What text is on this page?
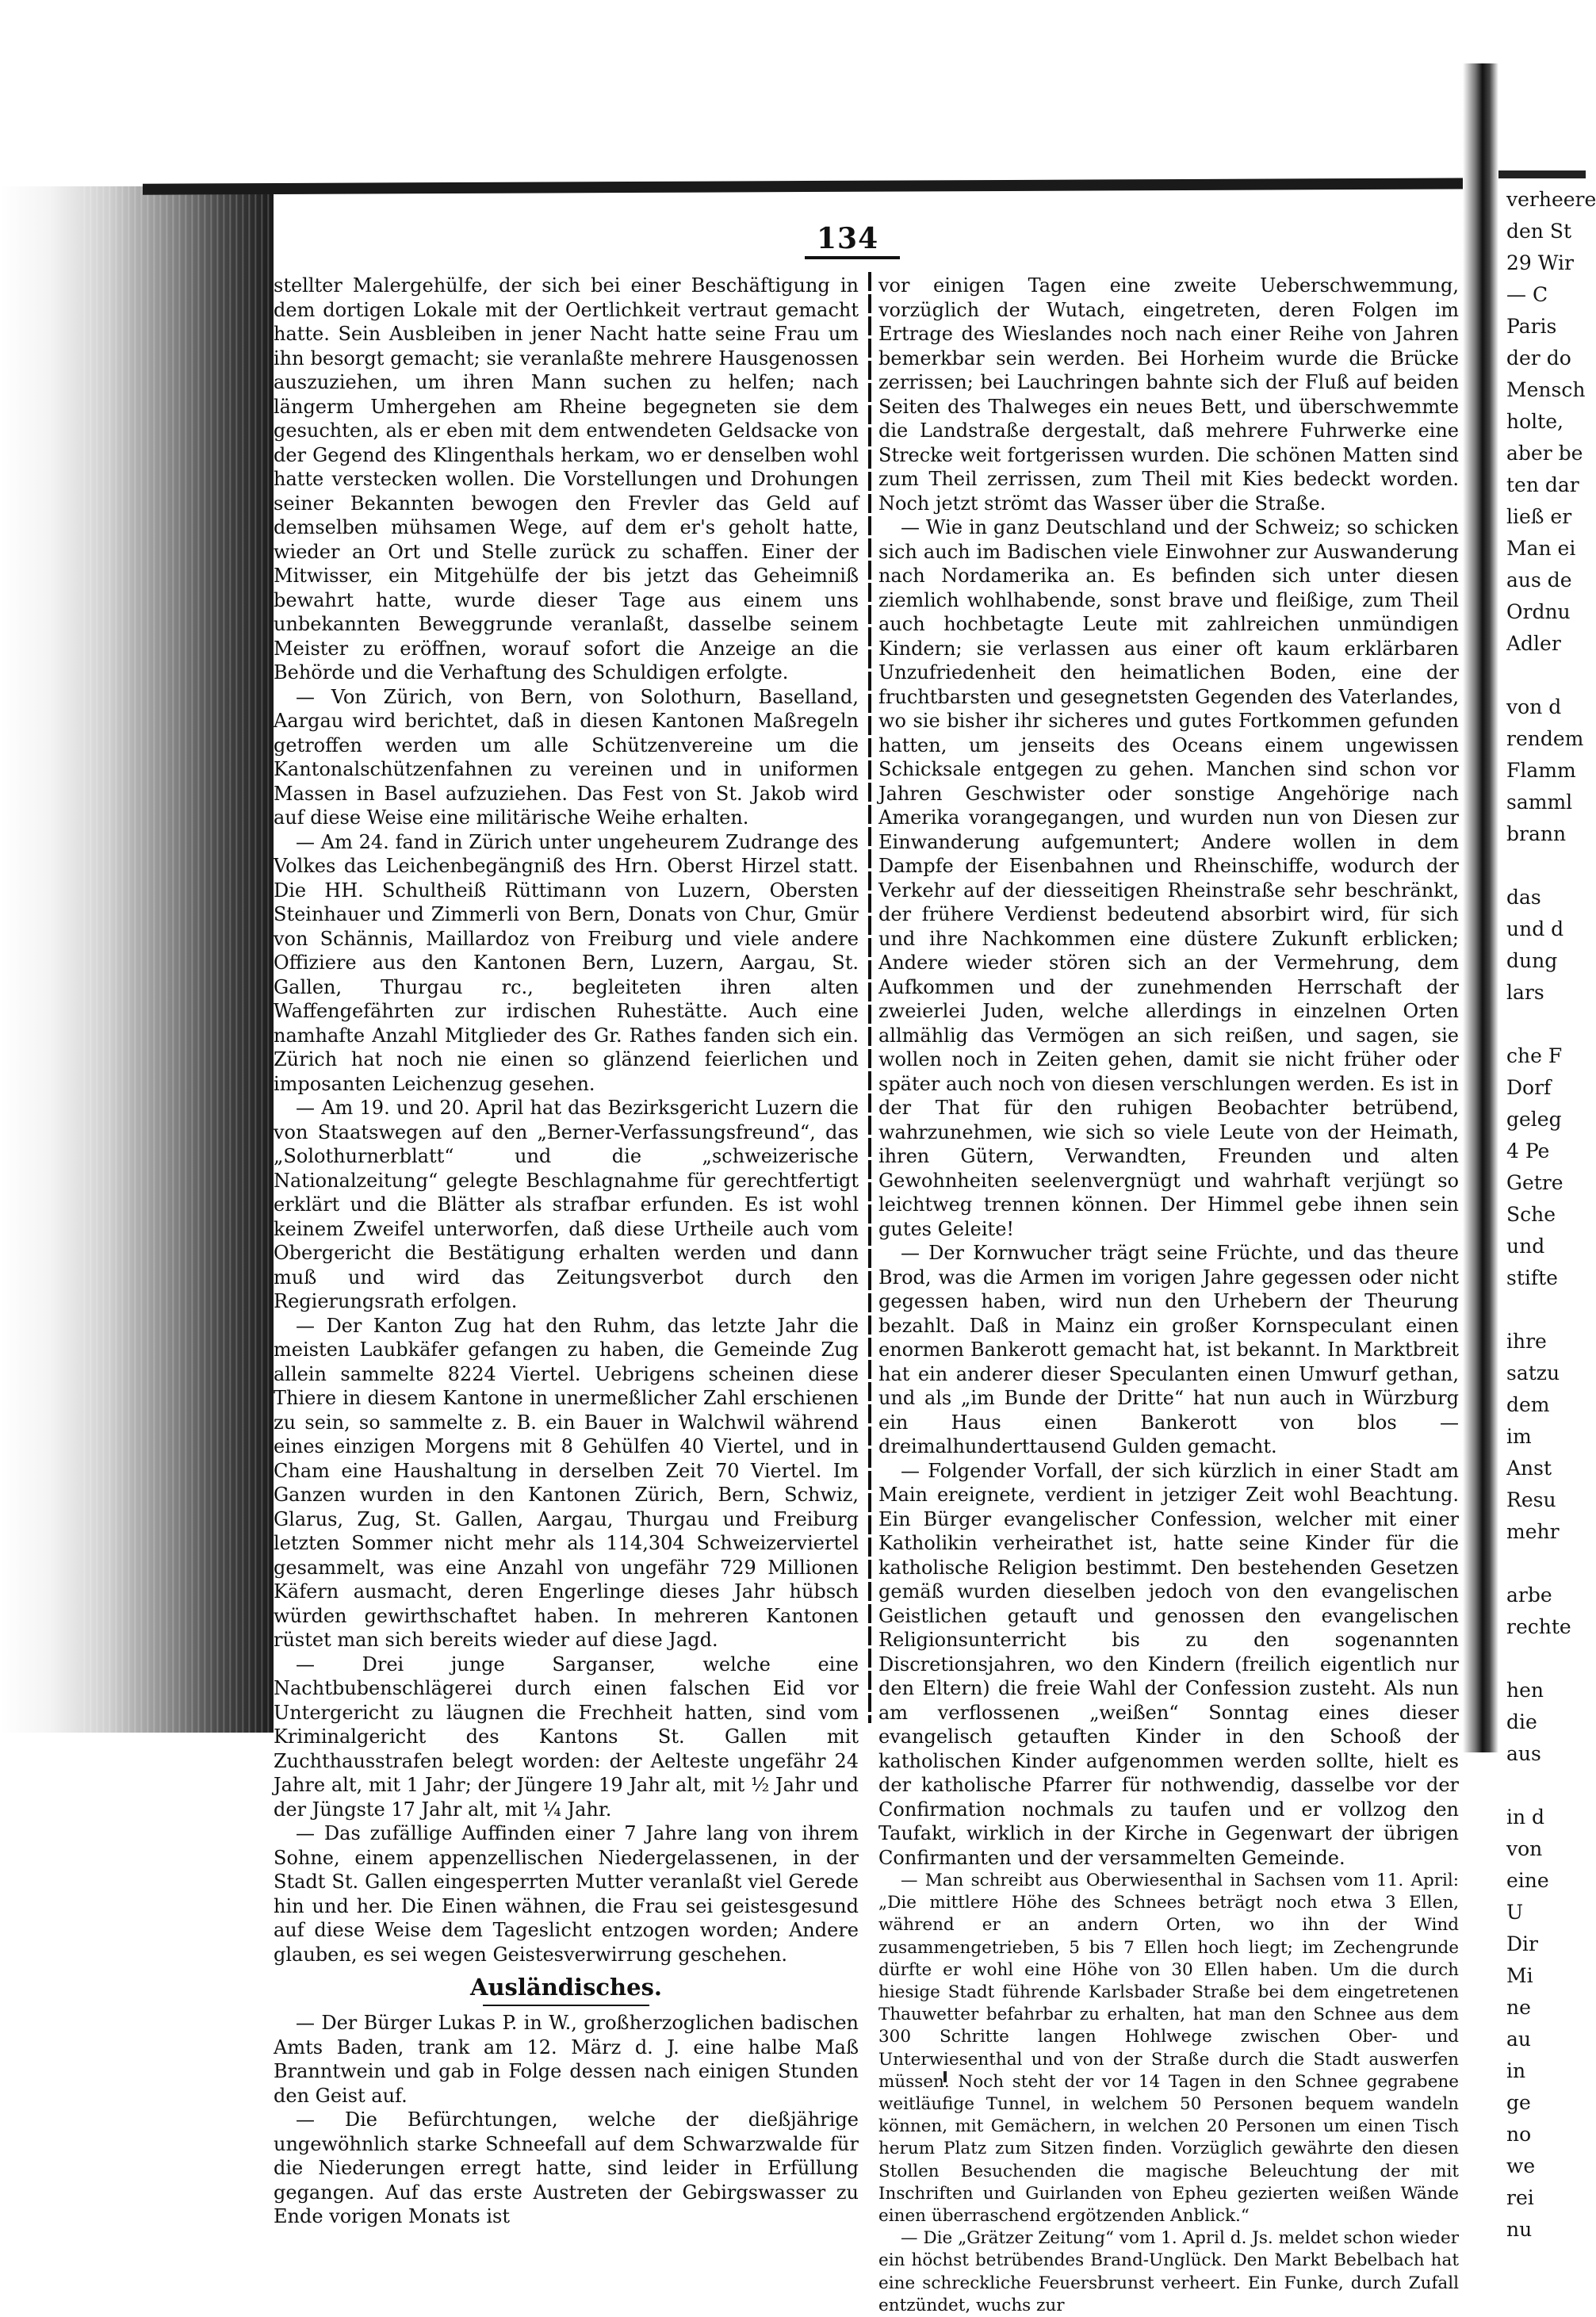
134

stellter Malergehülfe, der sich bei einer Beschäftigung in dem dortigen Lokale mit der Oertlichkeit vertraut gemacht hatte. Sein Ausbleiben in jener Nacht hatte seine Frau um ihn besorgt gemacht; sie veranlaßte mehrere Hausgenossen auszuziehen, um ihren Mann suchen zu helfen; nach längerm Umhergehen am Rheine begegneten sie dem gesuchten, als er eben mit dem entwendeten Geldsacke von der Gegend des Klingenthals herkam, wo er denselben wohl hatte verstecken wollen. Die Vorstellungen und Drohungen seiner Bekannten bewogen den Frevler das Geld auf demselben mühsamen Wege, auf dem er's geholt hatte, wieder an Ort und Stelle zurück zu schaffen. Einer der Mitwisser, ein Mitgehülfe der bis jetzt das Geheimniß bewahrt hatte, wurde dieser Tage aus einem uns unbekannten Beweggrunde veranlaßt, dasselbe seinem Meister zu eröffnen, worauf sofort die Anzeige an die Behörde und die Verhaftung des Schuldigen erfolgte.

— Von Zürich, von Bern, von Solothurn, Baselland, Aargau wird berichtet, daß in diesen Kantonen Maßregeln getroffen werden um alle Schützenvereine um die Kantonalschützenfahnen zu vereinen und in uniformen Massen in Basel aufzuziehen. Das Fest von St. Jakob wird auf diese Weise eine militärische Weihe erhalten.

— Am 24. fand in Zürich unter ungeheurem Zudrange des Volkes das Leichenbegängniß des Hrn. Oberst Hirzel statt. Die HH. Schultheiß Rüttimann von Luzern, Obersten Steinhauer und Zimmerli von Bern, Donats von Chur, Gmür von Schännis, Maillardoz von Freiburg und viele andere Offiziere aus den Kantonen Bern, Luzern, Aargau, St. Gallen, Thurgau rc., begleiteten ihren alten Waffengefährten zur irdischen Ruhestätte. Auch eine namhafte Anzahl Mitglieder des Gr. Rathes fanden sich ein. Zürich hat noch nie einen so glänzend feierlichen und imposanten Leichenzug gesehen.

— Am 19. und 20. April hat das Bezirksgericht Luzern die von Staatswegen auf den „Berner-Verfassungsfreund“, das „Solothurnerblatt“ und die „schweizerische Nationalzeitung“ gelegte Beschlagnahme für gerechtfertigt erklärt und die Blätter als strafbar erfunden. Es ist wohl keinem Zweifel unterworfen, daß diese Urtheile auch vom Obergericht die Bestätigung erhalten werden und dann muß und wird das Zeitungsverbot durch den Regierungsrath erfolgen.

— Der Kanton Zug hat den Ruhm, das letzte Jahr die meisten Laubkäfer gefangen zu haben, die Gemeinde Zug allein sammelte 8224 Viertel. Uebrigens scheinen diese Thiere in diesem Kantone in unermeßlicher Zahl erschienen zu sein, so sammelte z. B. ein Bauer in Walchwil während eines einzigen Morgens mit 8 Gehülfen 40 Viertel, und in Cham eine Haushaltung in derselben Zeit 70 Viertel. Im Ganzen wurden in den Kantonen Zürich, Bern, Schwiz, Glarus, Zug, St. Gallen, Aargau, Thurgau und Freiburg letzten Sommer nicht mehr als 114,304 Schweizerviertel gesammelt, was eine Anzahl von ungefähr 729 Millionen Käfern ausmacht, deren Engerlinge dieses Jahr hübsch würden gewirthschaftet haben. In mehreren Kantonen rüstet man sich bereits wieder auf diese Jagd.

— Drei junge Sarganser, welche eine Nachtbubenschlägerei durch einen falschen Eid vor Untergericht zu läugnen die Frechheit hatten, sind vom Kriminalgericht des Kantons St. Gallen mit Zuchthausstrafen belegt worden: der Aelteste ungefähr 24 Jahre alt, mit 1 Jahr; der Jüngere 19 Jahr alt, mit ½ Jahr und der Jüngste 17 Jahr alt, mit ¼ Jahr.

— Das zufällige Auffinden einer 7 Jahre lang von ihrem Sohne, einem appenzellischen Niedergelassenen, in der Stadt St. Gallen eingesperrten Mutter veranlaßt viel Gerede hin und her. Die Einen wähnen, die Frau sei geistesgesund auf diese Weise dem Tageslicht entzogen worden; Andere glauben, es sei wegen Geistesverwirrung geschehen.

Ausländisches.

— Der Bürger Lukas P. in W., großherzoglichen badischen Amts Baden, trank am 12. März d. J. eine halbe Maß Branntwein und gab in Folge dessen nach einigen Stunden den Geist auf.

— Die Befürchtungen, welche der dießjährige ungewöhnlich starke Schneefall auf dem Schwarzwalde für die Niederungen erregt hatte, sind leider in Erfüllung gegangen. Auf das erste Austreten der Gebirgswasser zu Ende vorigen Monats ist

vor einigen Tagen eine zweite Ueberschwemmung, vorzüglich der Wutach, eingetreten, deren Folgen im Ertrage des Wieslandes noch nach einer Reihe von Jahren bemerkbar sein werden. Bei Horheim wurde die Brücke zerrissen; bei Lauchringen bahnte sich der Fluß auf beiden Seiten des Thalweges ein neues Bett, und überschwemmte die Landstraße dergestalt, daß mehrere Fuhrwerke eine Strecke weit fortgerissen wurden. Die schönen Matten sind zum Theil zerrissen, zum Theil mit Kies bedeckt worden. Noch jetzt strömt das Wasser über die Straße.

— Wie in ganz Deutschland und der Schweiz; so schicken sich auch im Badischen viele Einwohner zur Auswanderung nach Nordamerika an. Es befinden sich unter diesen ziemlich wohlhabende, sonst brave und fleißige, zum Theil auch hochbetagte Leute mit zahlreichen unmündigen Kindern; sie verlassen aus einer oft kaum erklärbaren Unzufriedenheit den heimatlichen Boden, eine der fruchtbarsten und gesegnetsten Gegenden des Vaterlandes, wo sie bisher ihr sicheres und gutes Fortkommen gefunden hatten, um jenseits des Oceans einem ungewissen Schicksale entgegen zu gehen. Manchen sind schon vor Jahren Geschwister oder sonstige Angehörige nach Amerika vorangegangen, und wurden nun von Diesen zur Einwanderung aufgemuntert; Andere wollen in dem Dampfe der Eisenbahnen und Rheinschiffe, wodurch der Verkehr auf der diesseitigen Rheinstraße sehr beschränkt, der frühere Verdienst bedeutend absorbirt wird, für sich und ihre Nachkommen eine düstere Zukunft erblicken; Andere wieder stören sich an der Vermehrung, dem Aufkommen und der zunehmenden Herrschaft der zweierlei Juden, welche allerdings in einzelnen Orten allmählig das Vermögen an sich reißen, und sagen, sie wollen noch in Zeiten gehen, damit sie nicht früher oder später auch noch von diesen verschlungen werden. Es ist in der That für den ruhigen Beobachter betrübend, wahrzunehmen, wie sich so viele Leute von der Heimath, ihren Gütern, Verwandten, Freunden und alten Gewohnheiten seelenvergnügt und wahrhaft verjüngt so leichtweg trennen können. Der Himmel gebe ihnen sein gutes Geleite!

— Der Kornwucher trägt seine Früchte, und das theure Brod, was die Armen im vorigen Jahre gegessen oder nicht gegessen haben, wird nun den Urhebern der Theurung bezahlt. Daß in Mainz ein großer Kornspeculant einen enormen Bankerott gemacht hat, ist bekannt. In Marktbreit hat ein anderer dieser Speculanten einen Umwurf gethan, und als „im Bunde der Dritte“ hat nun auch in Würzburg ein Haus einen Bankerott von blos — dreimalhunderttausend Gulden gemacht.

— Folgender Vorfall, der sich kürzlich in einer Stadt am Main ereignete, verdient in jetziger Zeit wohl Beachtung. Ein Bürger evangelischer Confession, welcher mit einer Katholikin verheirathet ist, hatte seine Kinder für die katholische Religion bestimmt. Den bestehenden Gesetzen gemäß wurden dieselben jedoch von den evangelischen Geistlichen getauft und genossen den evangelischen Religionsunterricht bis zu den sogenannten Discretionsjahren, wo den Kindern (freilich eigentlich nur den Eltern) die freie Wahl der Confession zusteht. Als nun am verflossenen „weißen“ Sonntag eines dieser evangelisch getauften Kinder in den Schooß der katholischen Kinder aufgenommen werden sollte, hielt es der katholische Pfarrer für nothwendig, dasselbe vor der Confirmation nochmals zu taufen und er vollzog den Taufakt, wirklich in der Kirche in Gegenwart der übrigen Confirmanten und der versammelten Gemeinde.

— Man schreibt aus Oberwiesenthal in Sachsen vom 11. April: „Die mittlere Höhe des Schnees beträgt noch etwa 3 Ellen, während er an andern Orten, wo ihn der Wind zusammengetrieben, 5 bis 7 Ellen hoch liegt; im Zechengrunde dürfte er wohl eine Höhe von 30 Ellen haben. Um die durch hiesige Stadt führende Karlsbader Straße bei dem eingetretenen Thauwetter befahrbar zu erhalten, hat man den Schnee aus dem 300 Schritte langen Hohlwege zwischen Ober- und Unterwiesenthal und von der Straße durch die Stadt auswerfen müssen. Noch steht der vor 14 Tagen in den Schnee gegrabene weitläufige Tunnel, in welchem 50 Personen bequem wandeln können, mit Gemächern, in welchen 20 Personen um einen Tisch herum Platz zum Sitzen finden. Vorzüglich gewährte den diesen Stollen Besuchenden die magische Beleuchtung der mit Inschriften und Guirlanden von Epheu gezierten weißen Wände einen überraschend ergötzenden Anblick.“

— Die „Grätzer Zeitung“ vom 1. April d. Js. meldet schon wieder ein höchst betrübendes Brand-Unglück. Den Markt Bebelbach hat eine schreckliche Feuersbrunst verheert. Ein Funke, durch Zufall entzündet, wuchs zur

verheere
den St
29 Wir
— C
Paris
der do
Mensch
holte,
aber be
ten dar
ließ er
Man ei
aus de
Ordnu
Adler
von d
rendem
Flamm
samml
brann
das
und d
dung
lars
che F
Dorf
geleg
4 Pe
Getre
Sche
und
stifte
ihre
satzu
dem
im
Anst
Resu
mehr
arbe
rechte
hen
die
aus
in d
von
eine
U
Dir
Mi
ne
au
in
ge
no
we
rei
nu
